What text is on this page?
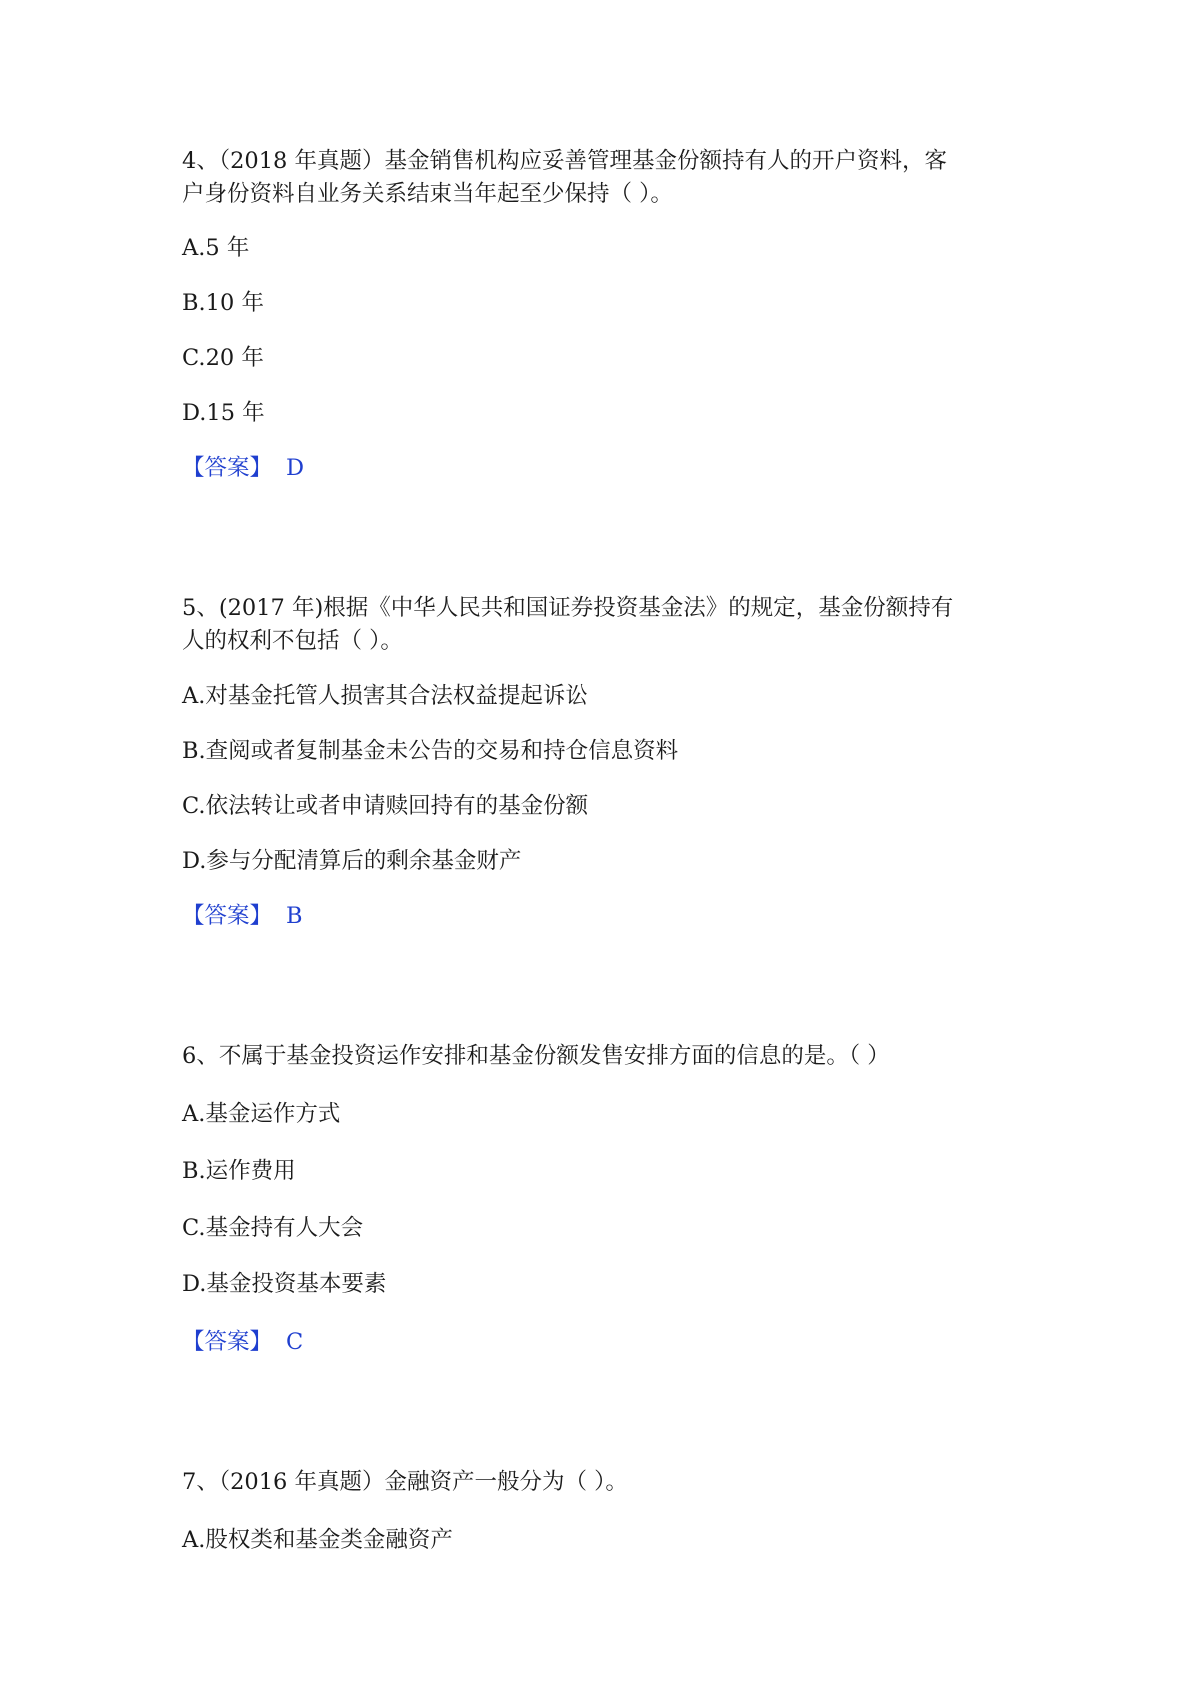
4、（2018 年真题）基金销售机构应妥善管理基金份额持有人的开户资料，客
户身份资料自业务关系结束当年起至少保持（ ）。
A.5 年
B.10 年
C.20 年
D.15 年
【答案】 D
5、(2017 年)根据《中华人民共和国证券投资基金法》的规定，基金份额持有
人的权利不包括（ ）。
A.对基金托管人损害其合法权益提起诉讼
B.查阅或者复制基金未公告的交易和持仓信息资料
C.依法转让或者申请赎回持有的基金份额
D.参与分配清算后的剩余基金财产
【答案】 B
6、不属于基金投资运作安排和基金份额发售安排方面的信息的是。（ ）
A.基金运作方式
B.运作费用
C.基金持有人大会
D.基金投资基本要素
【答案】 C
7、（2016 年真题）金融资产一般分为（ ）。
A.股权类和基金类金融资产
